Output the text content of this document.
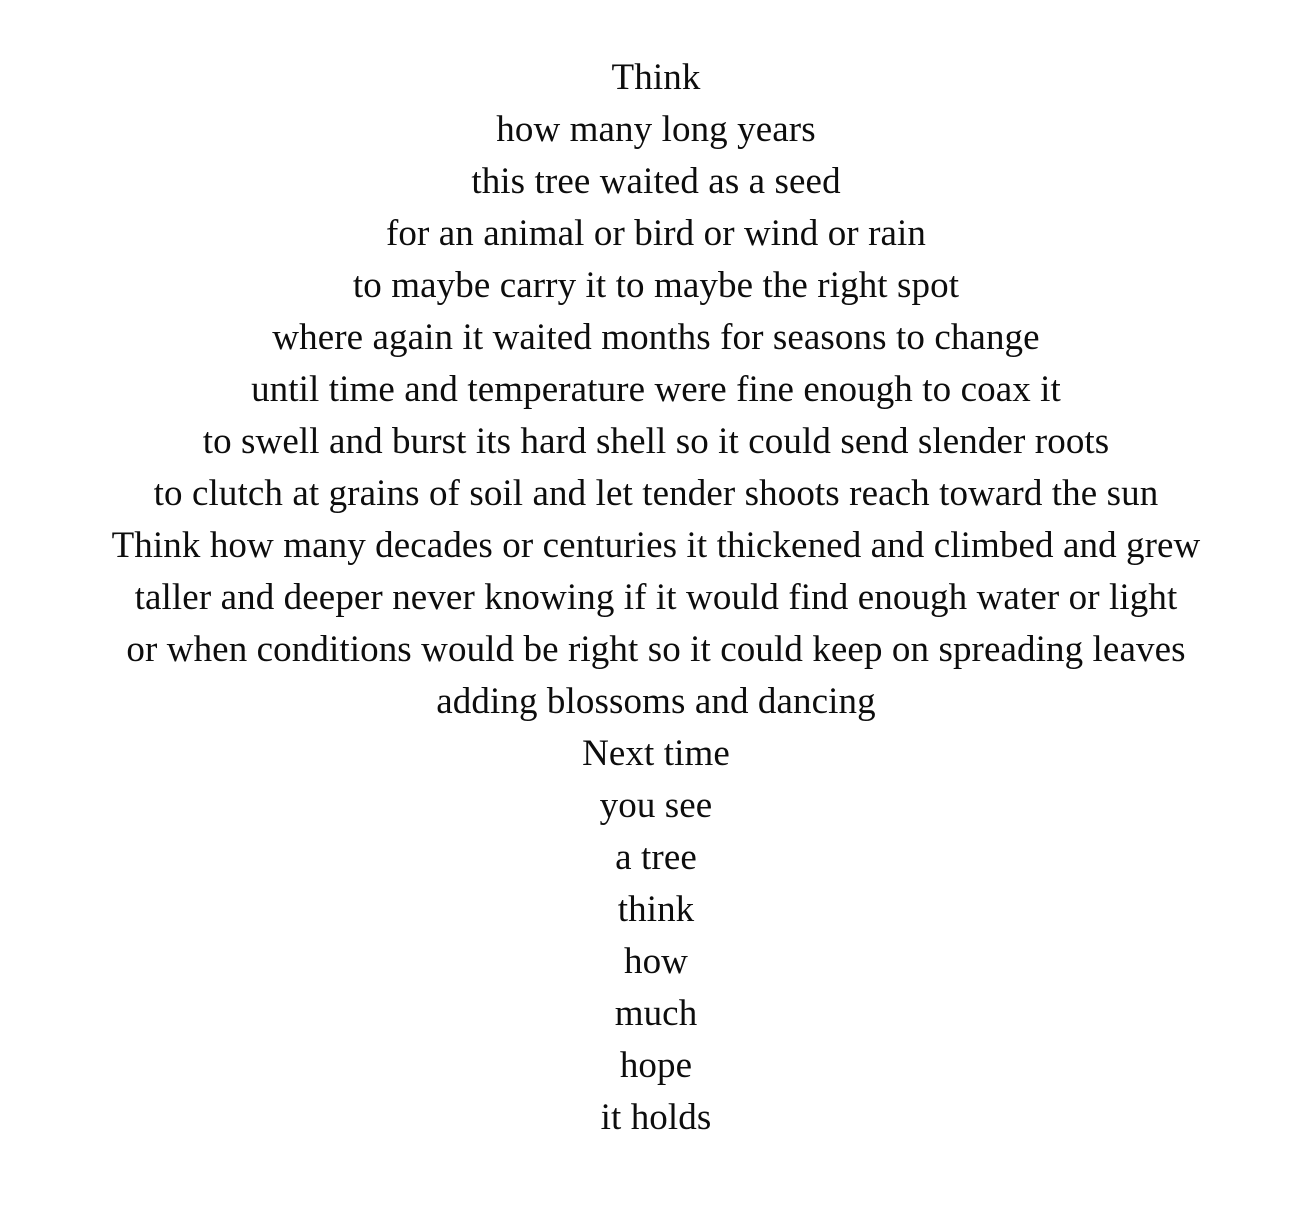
Think
how many long years
this tree waited as a seed
for an animal or bird or wind or rain
to maybe carry it to maybe the right spot
where again it waited months for seasons to change
until time and temperature were fine enough to coax it
to swell and burst its hard shell so it could send slender roots
to clutch at grains of soil and let tender shoots reach toward the sun
Think how many decades or centuries it thickened and climbed and grew
taller and deeper never knowing if it would find enough water or light
or when conditions would be right so it could keep on spreading leaves
adding blossoms and dancing
Next time
you see
a tree
think
how
much
hope
it holds
